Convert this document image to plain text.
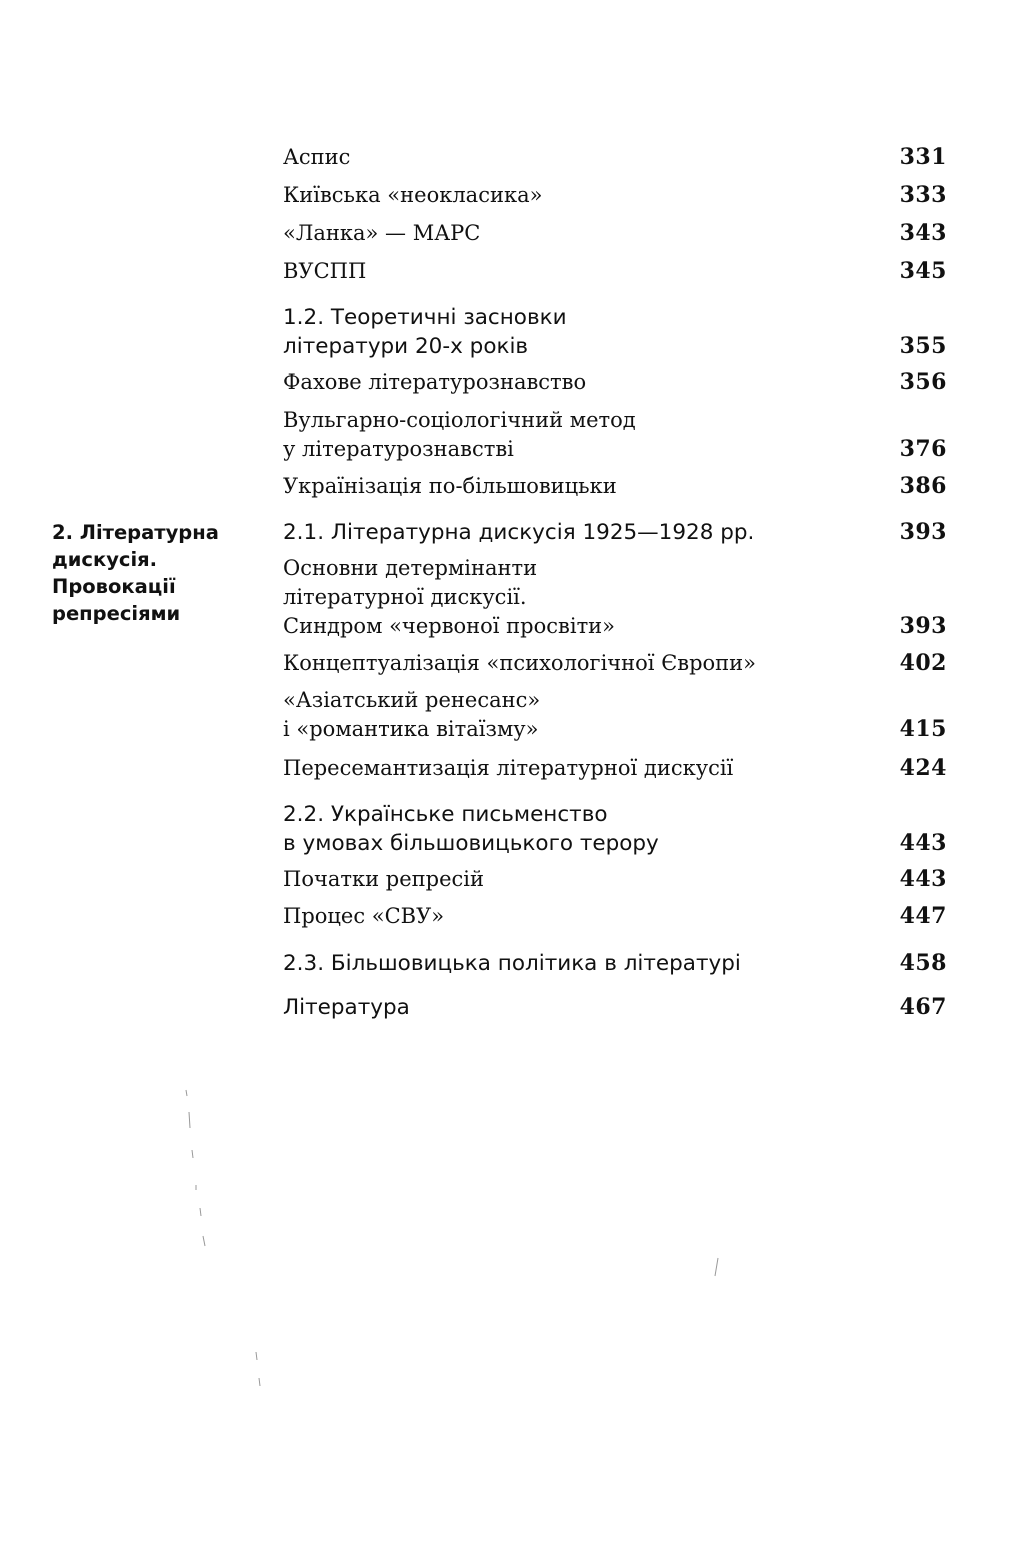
2. Літературна
дискусія.
Провокації
репресіями
Аспис	331
Київська «неокласика»	333
«Ланка» — МАРС	343
ВУСПП	345
1.2. Теоретичні засновки
літератури 20-х років	355
Фахове літературознавство	356
Вульгарно-соціологічний метод
у літературознавстві	376
Українізація по-більшовицьки	386
2.1. Літературна дискусія 1925—1928 рр.	393
Основни детермінанти
літературної дискусії.
Синдром «червоної просвіти»	393
Концептуалізація «психологічної Європи»	402
«Азіатський ренесанс»
і «романтика вітаїзму»	415
Пересемантизація літературної дискусії	424
2.2. Українське письменство
в умовах більшовицького терору	443
Початки репресій	443
Процес «СВУ»	447
2.3. Більшовицька політика в літературі	458
Література	467
